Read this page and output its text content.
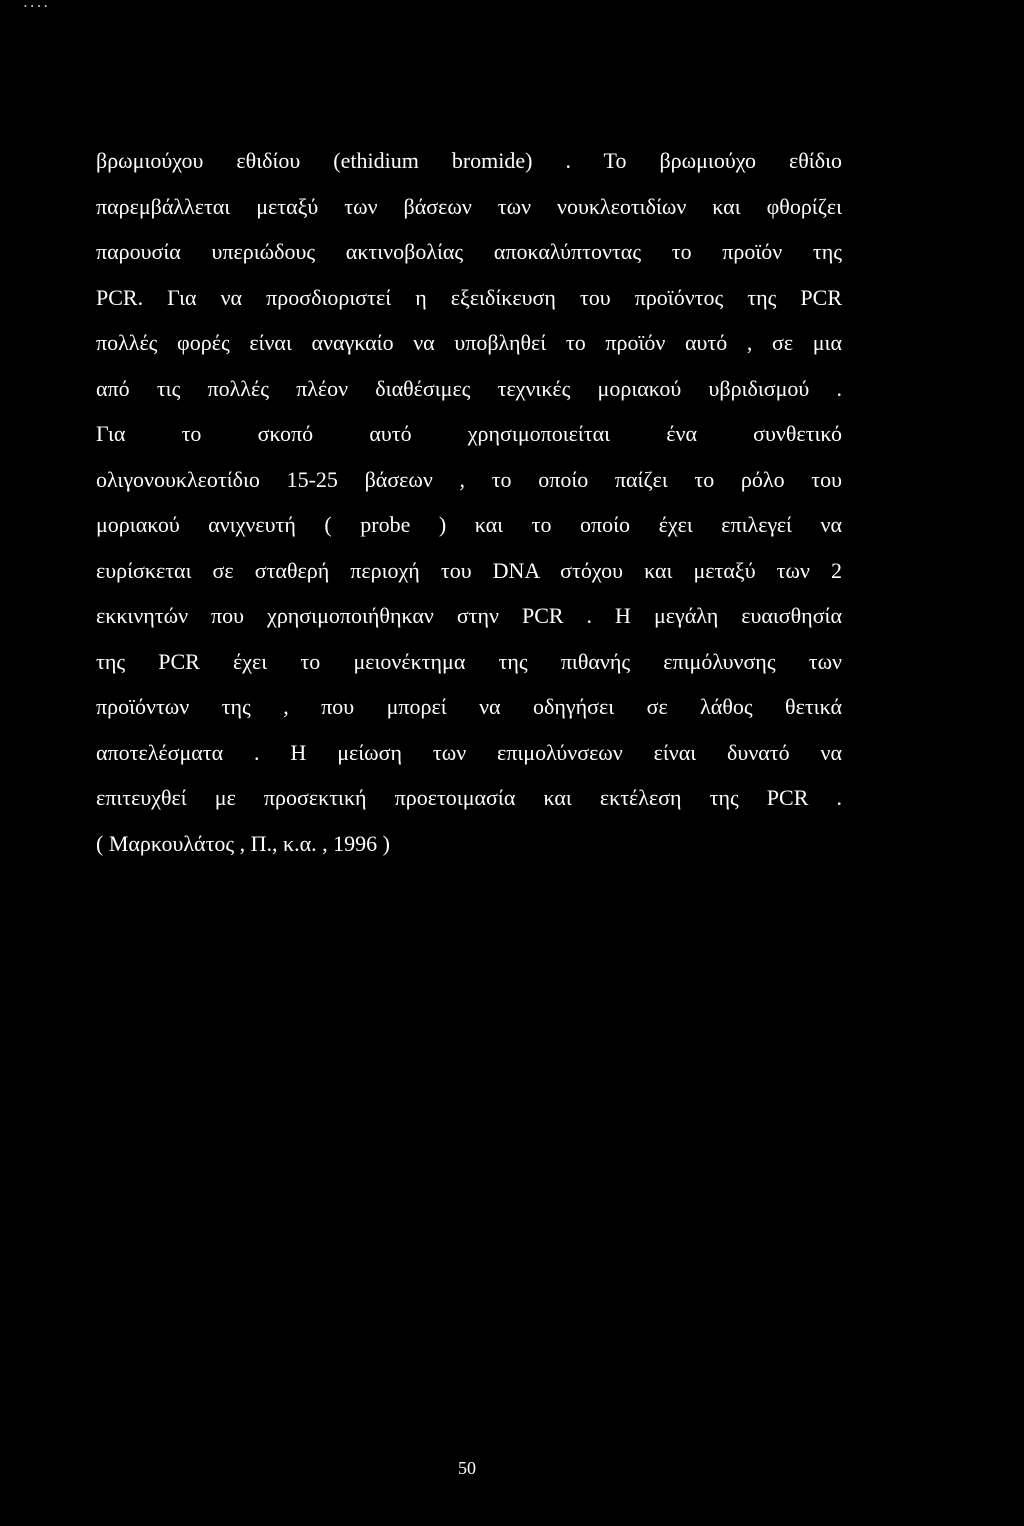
• • • •
βρωμιούχου εθιδίου (ethidium bromide) . Το βρωμιούχο εθίδιο
παρεμβάλλεται μεταξύ των βάσεων των νουκλεοτιδίων και φθορίζει
παρουσία υπεριώδους ακτινοβολίας αποκαλύπτοντας το προϊόν της
PCR. Για να προσδιοριστεί η εξειδίκευση του προϊόντος της PCR
πολλές φορές είναι αναγκαίο να υποβληθεί το προϊόν αυτό , σε μια
από τις πολλές πλέον διαθέσιμες τεχνικές μοριακού υβριδισμού .
Για το σκοπό αυτό χρησιμοποιείται ένα συνθετικό
ολιγονουκλεοτίδιο 15-25 βάσεων , το οποίο παίζει το ρόλο του
μοριακού ανιχνευτή ( probe ) και το οποίο έχει επιλεγεί να
ευρίσκεται σε σταθερή περιοχή του DNA στόχου και μεταξύ των 2
εκκινητών που χρησιμοποιήθηκαν στην PCR . Η μεγάλη ευαισθησία
της PCR έχει το μειονέκτημα της πιθανής επιμόλυνσης των
προϊόντων της , που μπορεί να οδηγήσει σε λάθος θετικά
αποτελέσματα . Η μείωση των επιμολύνσεων είναι δυνατό να
επιτευχθεί με προσεκτική προετοιμασία και εκτέλεση της PCR .
( Μαρκουλάτος , Π., κ.α. , 1996 )
50
